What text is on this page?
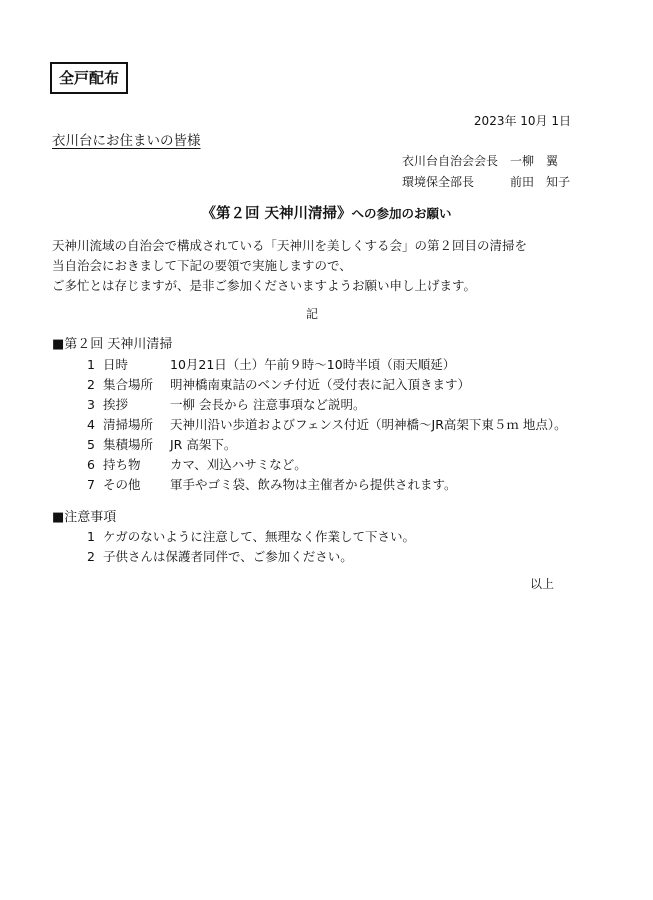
全戸配布
2023年 10月 1日
衣川台にお住まいの皆様
衣川台自治会会長 一柳　翼
環境保全部長	前田　知子
《第２回 天神川清掃》への参加のお願い
天神川流域の自治会で構成されている「天神川を美しくする会」の第２回目の清掃を
当自治会におきまして下記の要領で実施しますので、
ご多忙とは存じますが、是非ご参加くださいますようお願い申し上げます。
記
■第２回 天神川清掃
1 日時	10月21日（土）午前９時～10時半頃（雨天順延）
2 集合場所 明神橋南東詰のベンチ付近（受付表に記入頂きます）
3 挨拶	一柳 会長から 注意事項など説明。
4 清掃場所 天神川沿い歩道およびフェンス付近（明神橋～JR高架下東５ｍ 地点）。
5 集積場所 JR 高架下。
6 持ち物 カマ、刈込ハサミなど。
7 その他 軍手やゴミ袋、飲み物は主催者から提供されます。
■注意事項
1 ケガのないように注意して、無理なく作業して下さい。
2 子供さんは保護者同伴で、ご参加ください。
以上
